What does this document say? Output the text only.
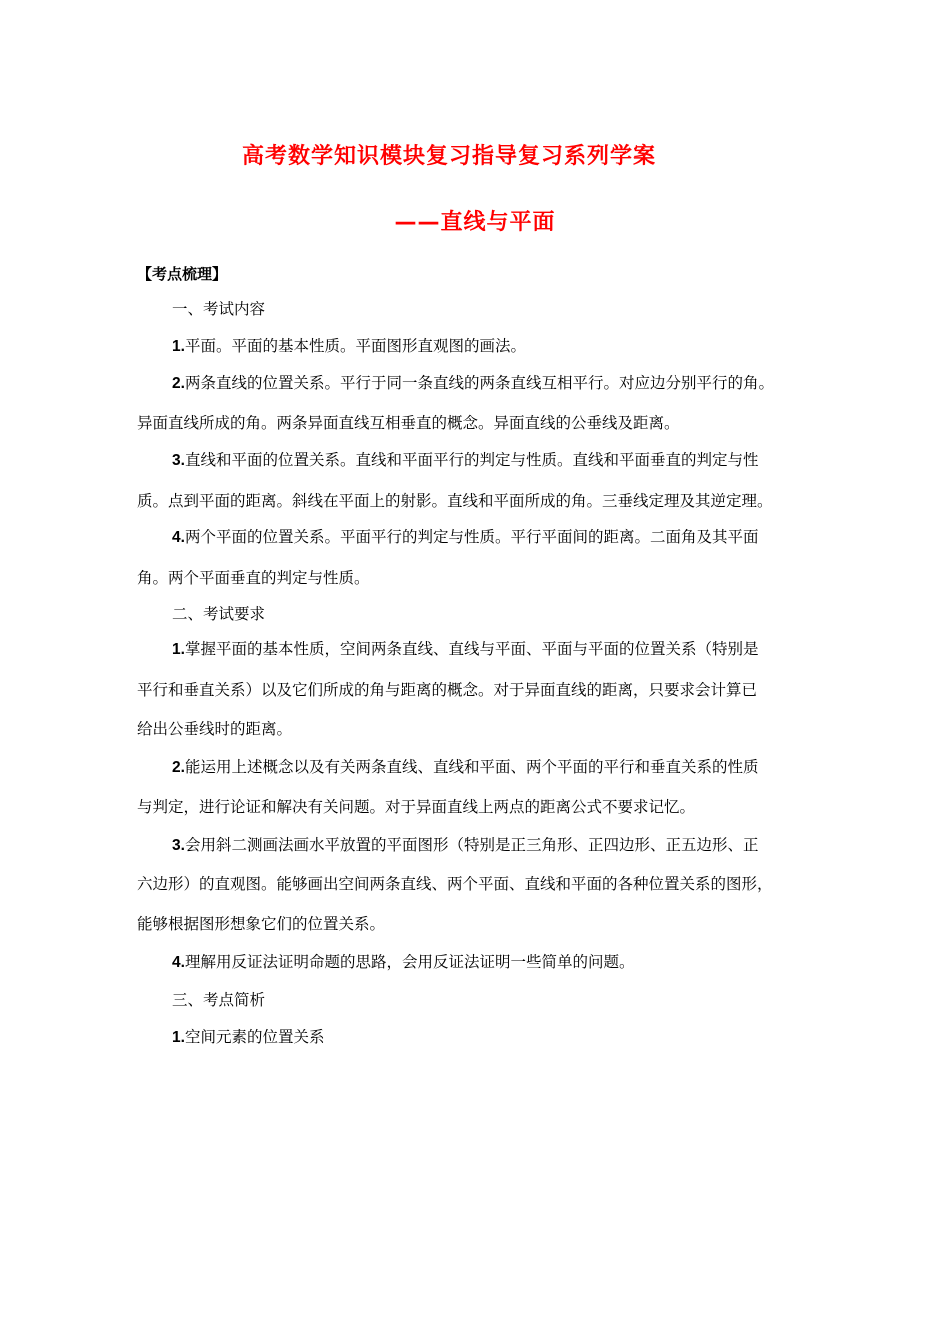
高考数学知识模块复习指导复习系列学案
——直线与平面
【考点梳理】
一、考试内容
1.平面。平面的基本性质。平面图形直观图的画法。
2.两条直线的位置关系。平行于同一条直线的两条直线互相平行。对应边分别平行的角。
异面直线所成的角。两条异面直线互相垂直的概念。异面直线的公垂线及距离。
3.直线和平面的位置关系。直线和平面平行的判定与性质。直线和平面垂直的判定与性
质。点到平面的距离。斜线在平面上的射影。直线和平面所成的角。三垂线定理及其逆定理。
4.两个平面的位置关系。平面平行的判定与性质。平行平面间的距离。二面角及其平面
角。两个平面垂直的判定与性质。
二、考试要求
1.掌握平面的基本性质，空间两条直线、直线与平面、平面与平面的位置关系（特别是
平行和垂直关系）以及它们所成的角与距离的概念。对于异面直线的距离，只要求会计算已
给出公垂线时的距离。
2.能运用上述概念以及有关两条直线、直线和平面、两个平面的平行和垂直关系的性质
与判定，进行论证和解决有关问题。对于异面直线上两点的距离公式不要求记忆。
3.会用斜二测画法画水平放置的平面图形（特别是正三角形、正四边形、正五边形、正
六边形）的直观图。能够画出空间两条直线、两个平面、直线和平面的各种位置关系的图形，
能够根据图形想象它们的位置关系。
4.理解用反证法证明命题的思路，会用反证法证明一些简单的问题。
三、考点简析
1.空间元素的位置关系
